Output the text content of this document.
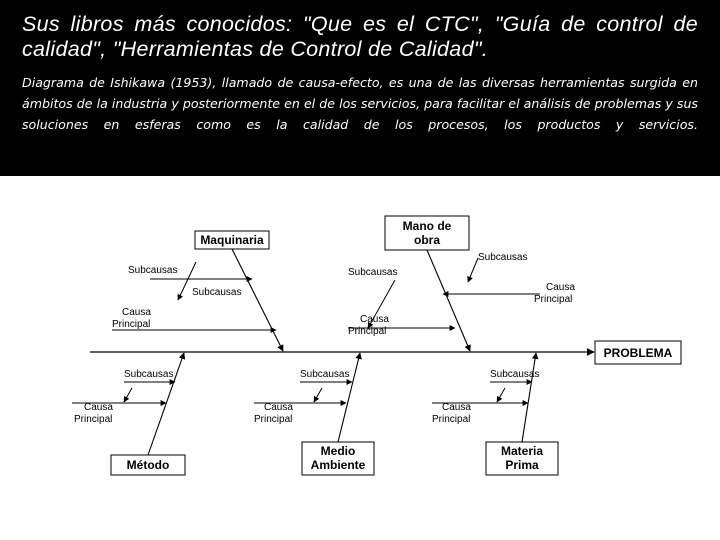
Sus libros más conocidos: "Que es el CTC", "Guía de control de calidad", "Herramientas de Control de Calidad".

Diagrama de Ishikawa (1953), llamado de causa-efecto, es una de las diversas herramientas surgida en ámbitos de la industria y posteriormente en el de los servicios, para facilitar el análisis de problemas y sus soluciones en esferas como es la calidad de los procesos, los productos y servicios.

PROBLEMA
Maquinaria
Mano de
obra
Subcausas
Causa
Principal
Subcausas
Subcausas
Causa
Principal
Subcausas
Causa
Principal
Método
Medio
Ambiente
Materia
Prima
Subcausas
Causa
Principal
Subcausas
Causa
Principal
Subcausas
Causa
Principal
